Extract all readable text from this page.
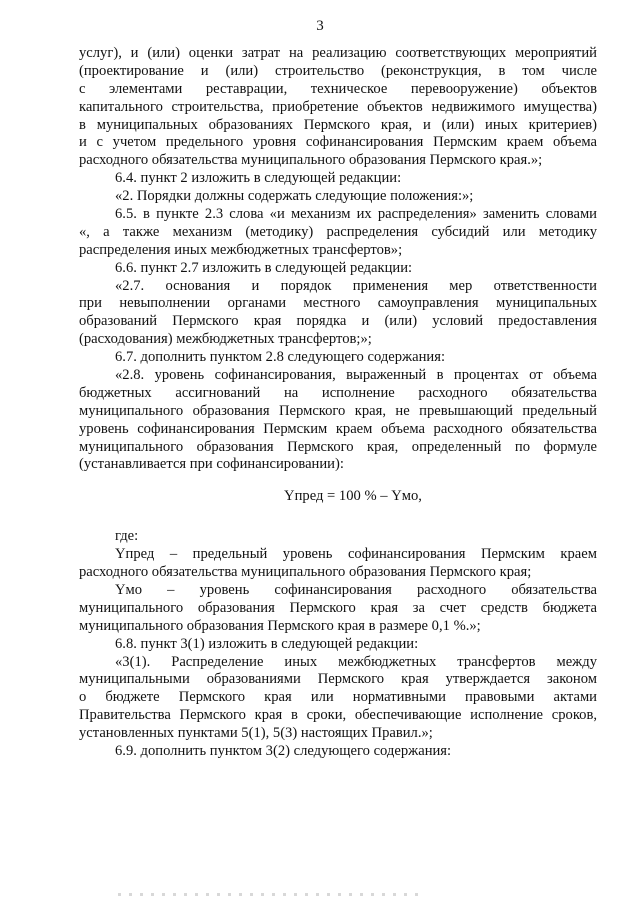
3
услуг), и (или) оценки затрат на реализацию соответствующих мероприятий
(проектирование и (или) строительство (реконструкция, в том числе
с элементами реставрации, техническое перевооружение) объектов
капитального строительства, приобретение объектов недвижимого имущества)
в муниципальных образованиях Пермского края, и (или) иных критериев)
и с учетом предельного уровня софинансирования Пермским краем объема
расходного обязательства муниципального образования Пермского края.»;
6.4. пункт 2 изложить в следующей редакции:
«2. Порядки должны содержать следующие положения:»;
6.5. в пункте 2.3 слова «и механизм их распределения» заменить словами
«, а также механизм (методику) распределения субсидий или методику
распределения иных межбюджетных трансфертов»;
6.6. пункт 2.7 изложить в следующей редакции:
«2.7. основания и порядок применения мер ответственности
при невыполнении органами местного самоуправления муниципальных
образований Пермского края порядка и (или) условий предоставления
(расходования) межбюджетных трансфертов;»;
6.7. дополнить пунктом 2.8 следующего содержания:
«2.8. уровень софинансирования, выраженный в процентах от объема
бюджетных ассигнований на исполнение расходного обязательства
муниципального образования Пермского края, не превышающий предельный
уровень софинансирования Пермским краем объема расходного обязательства
муниципального образования Пермского края, определенный по формуле
(устанавливается при софинансировании):
Yпред = 100 % – Yмо,
где:
Yпред – предельный уровень софинансирования Пермским краем
расходного обязательства муниципального образования Пермского края;
Yмо – уровень софинансирования расходного обязательства
муниципального образования Пермского края за счет средств бюджета
муниципального образования Пермского края в размере 0,1 %.»;
6.8. пункт 3(1) изложить в следующей редакции:
«3(1). Распределение иных межбюджетных трансфертов между
муниципальными образованиями Пермского края утверждается законом
о бюджете Пермского края или нормативными правовыми актами
Правительства Пермского края в сроки, обеспечивающие исполнение сроков,
установленных пунктами 5(1), 5(3) настоящих Правил.»;
6.9. дополнить пунктом 3(2) следующего содержания:
